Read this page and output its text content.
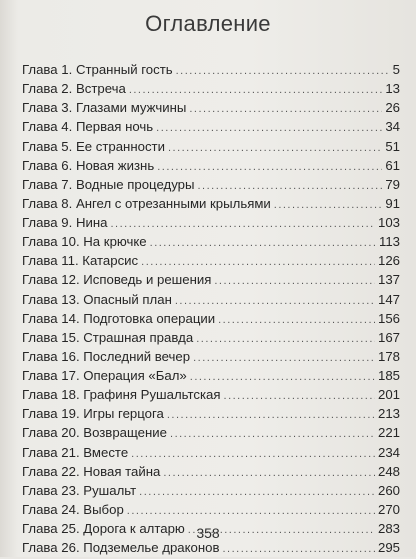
Оглавление
Глава 1. Странный гость .....	5
Глава 2. Встреча .....	13
Глава 3. Глазами мужчины .....	26
Глава 4. Первая ночь .....	34
Глава 5. Ее странности .....	51
Глава 6. Новая жизнь .....	61
Глава 7. Водные процедуры .....	79
Глава 8. Ангел с отрезанными крыльями .....	91
Глава 9. Нина .....	103
Глава 10. На крючке .....	113
Глава 11. Катарсис .....	126
Глава 12. Исповедь и решения .....	137
Глава 13. Опасный план .....	147
Глава 14. Подготовка операции .....	156
Глава 15. Страшная правда .....	167
Глава 16. Последний вечер .....	178
Глава 17. Операция «Бал» .....	185
Глава 18. Графиня Рушальтская .....	201
Глава 19. Игры герцога .....	213
Глава 20. Возвращение .....	221
Глава 21. Вместе .....	234
Глава 22. Новая тайна .....	248
Глава 23. Рушальт .....	260
Глава 24. Выбор .....	270
Глава 25. Дорога к алтарю .....	283
Глава 26. Подземелье драконов .....	295
358
